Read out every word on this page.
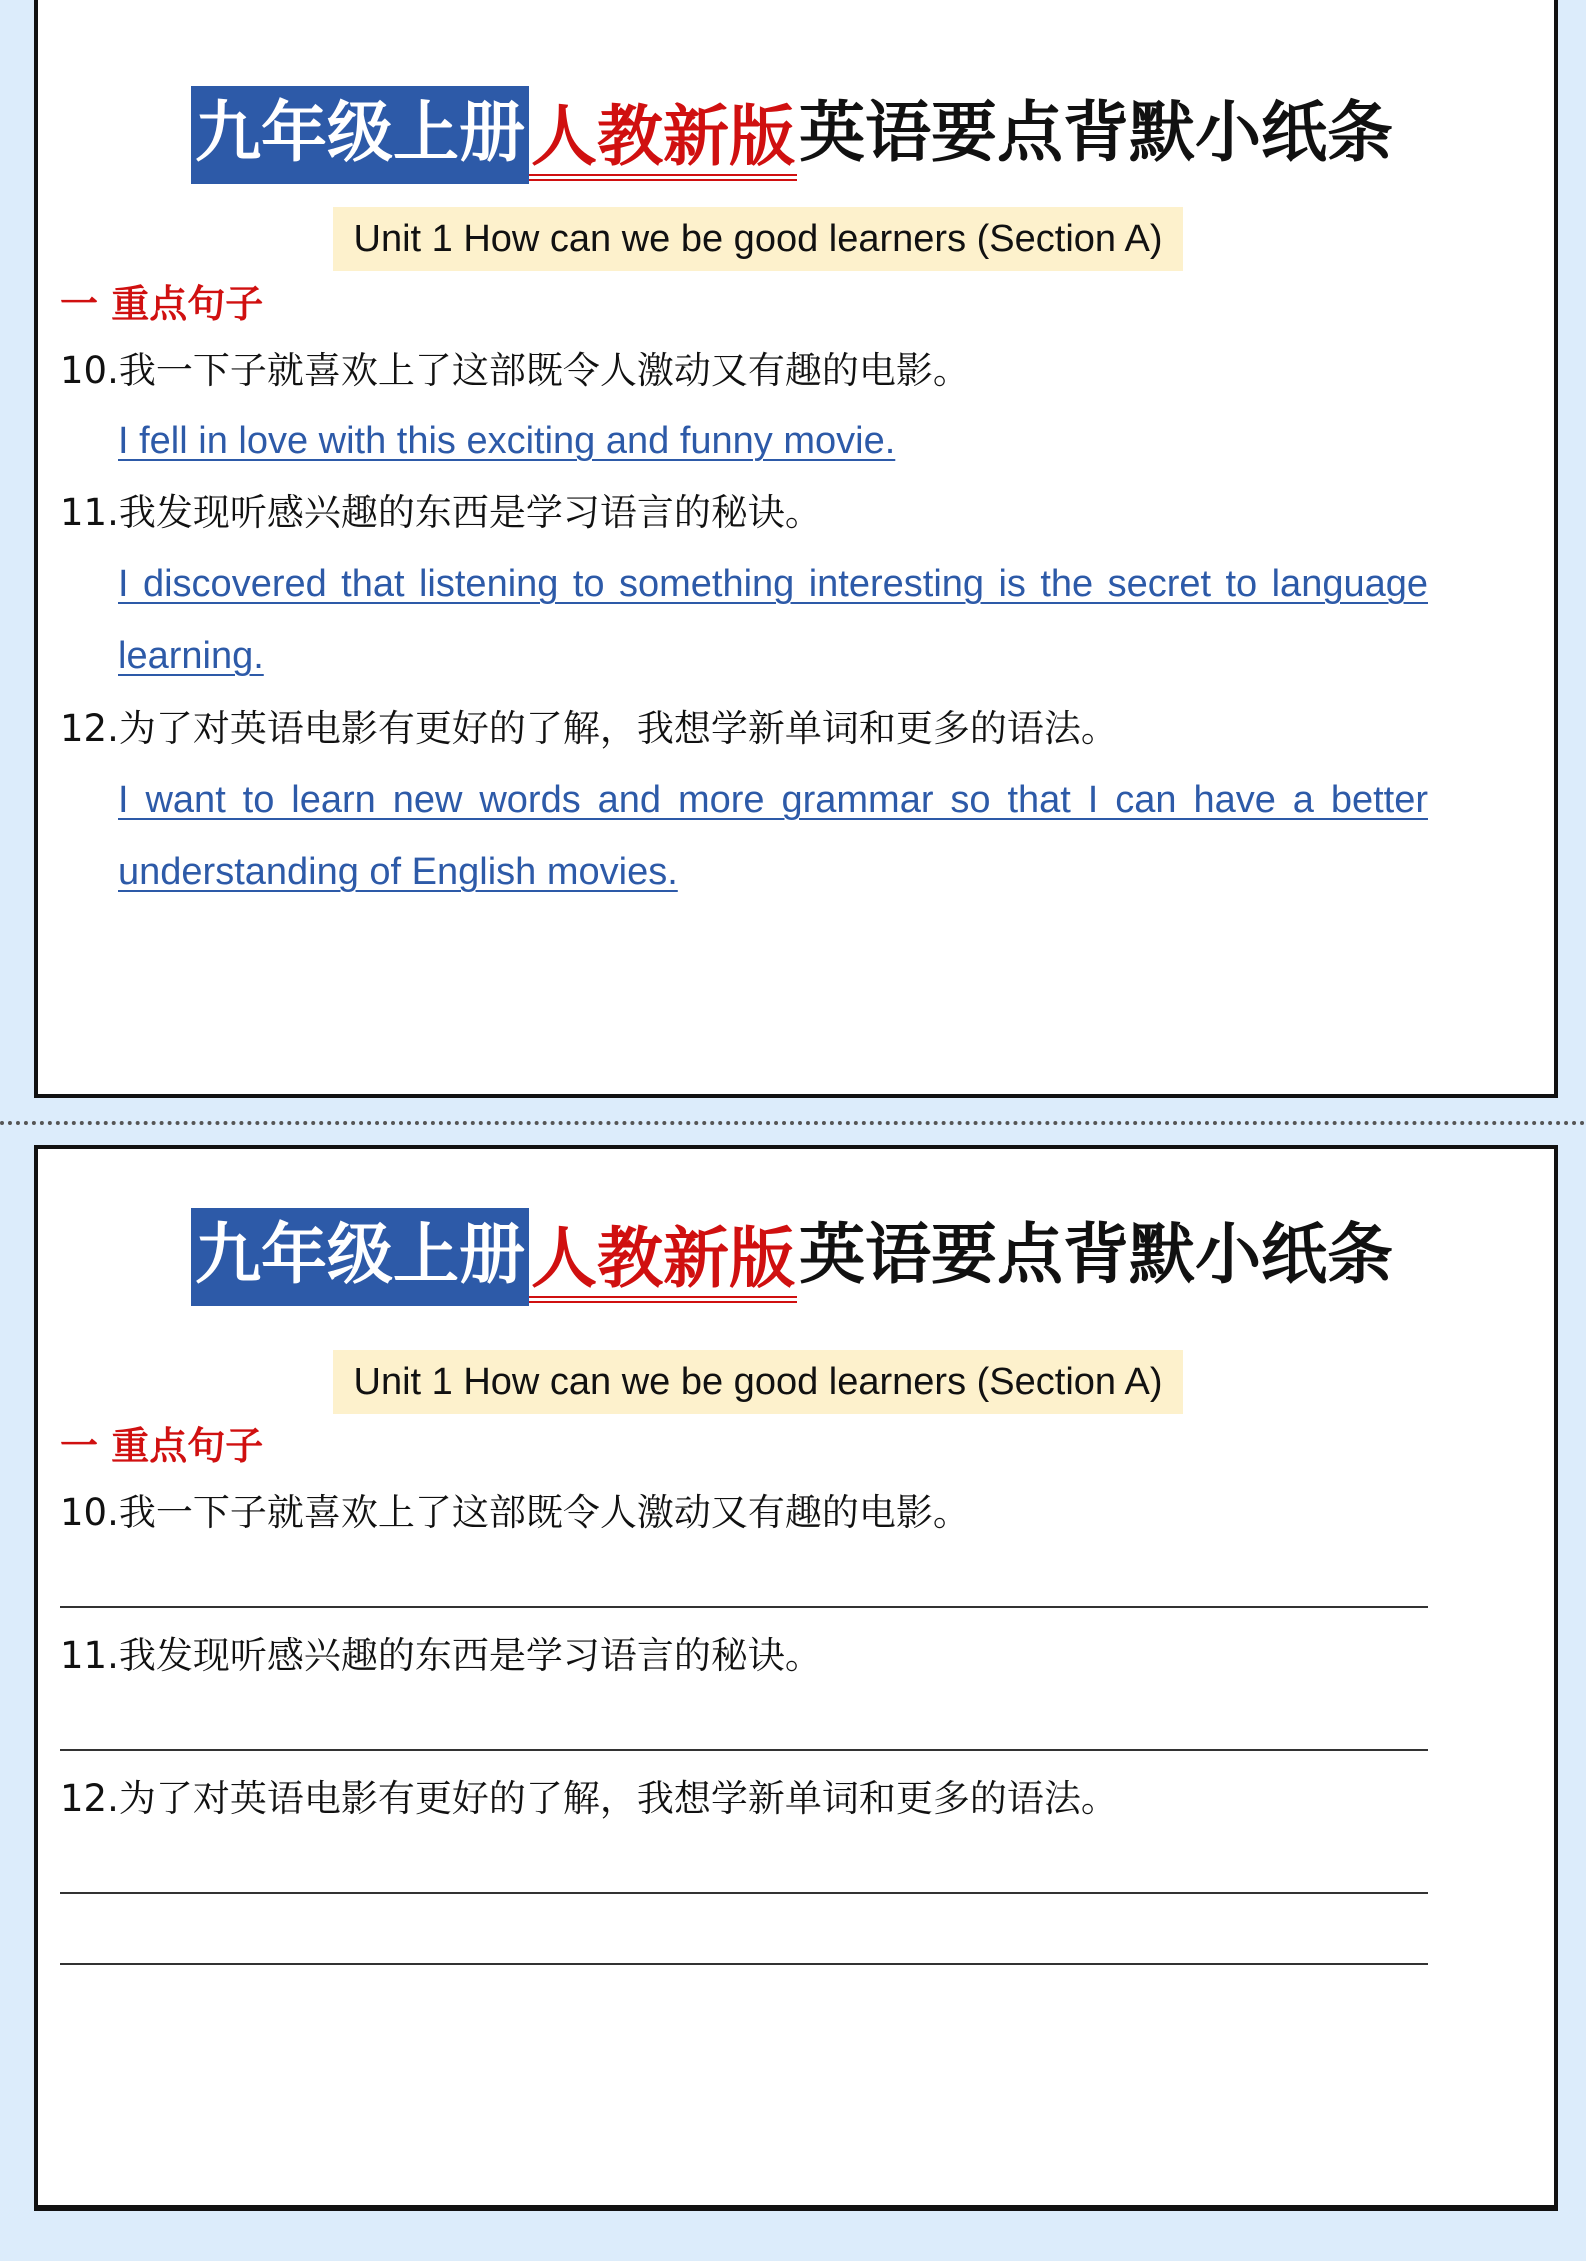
九年级上册人教新版英语要点背默小纸条
Unit 1 How can we be good learners (Section A)
一 重点句子
10.我一下子就喜欢上了这部既令人激动又有趣的电影。
I fell in love with this exciting and funny movie.
11.我发现听感兴趣的东西是学习语言的秘诀。
I discovered that listening to something interesting is the secret to language learning.
12.为了对英语电影有更好的了解，我想学新单词和更多的语法。
I want to learn new words and more grammar so that I can have a better understanding of English movies.
九年级上册人教新版英语要点背默小纸条
Unit 1 How can we be good learners (Section A)
一 重点句子
10.我一下子就喜欢上了这部既令人激动又有趣的电影。
11.我发现听感兴趣的东西是学习语言的秘诀。
12.为了对英语电影有更好的了解，我想学新单词和更多的语法。
